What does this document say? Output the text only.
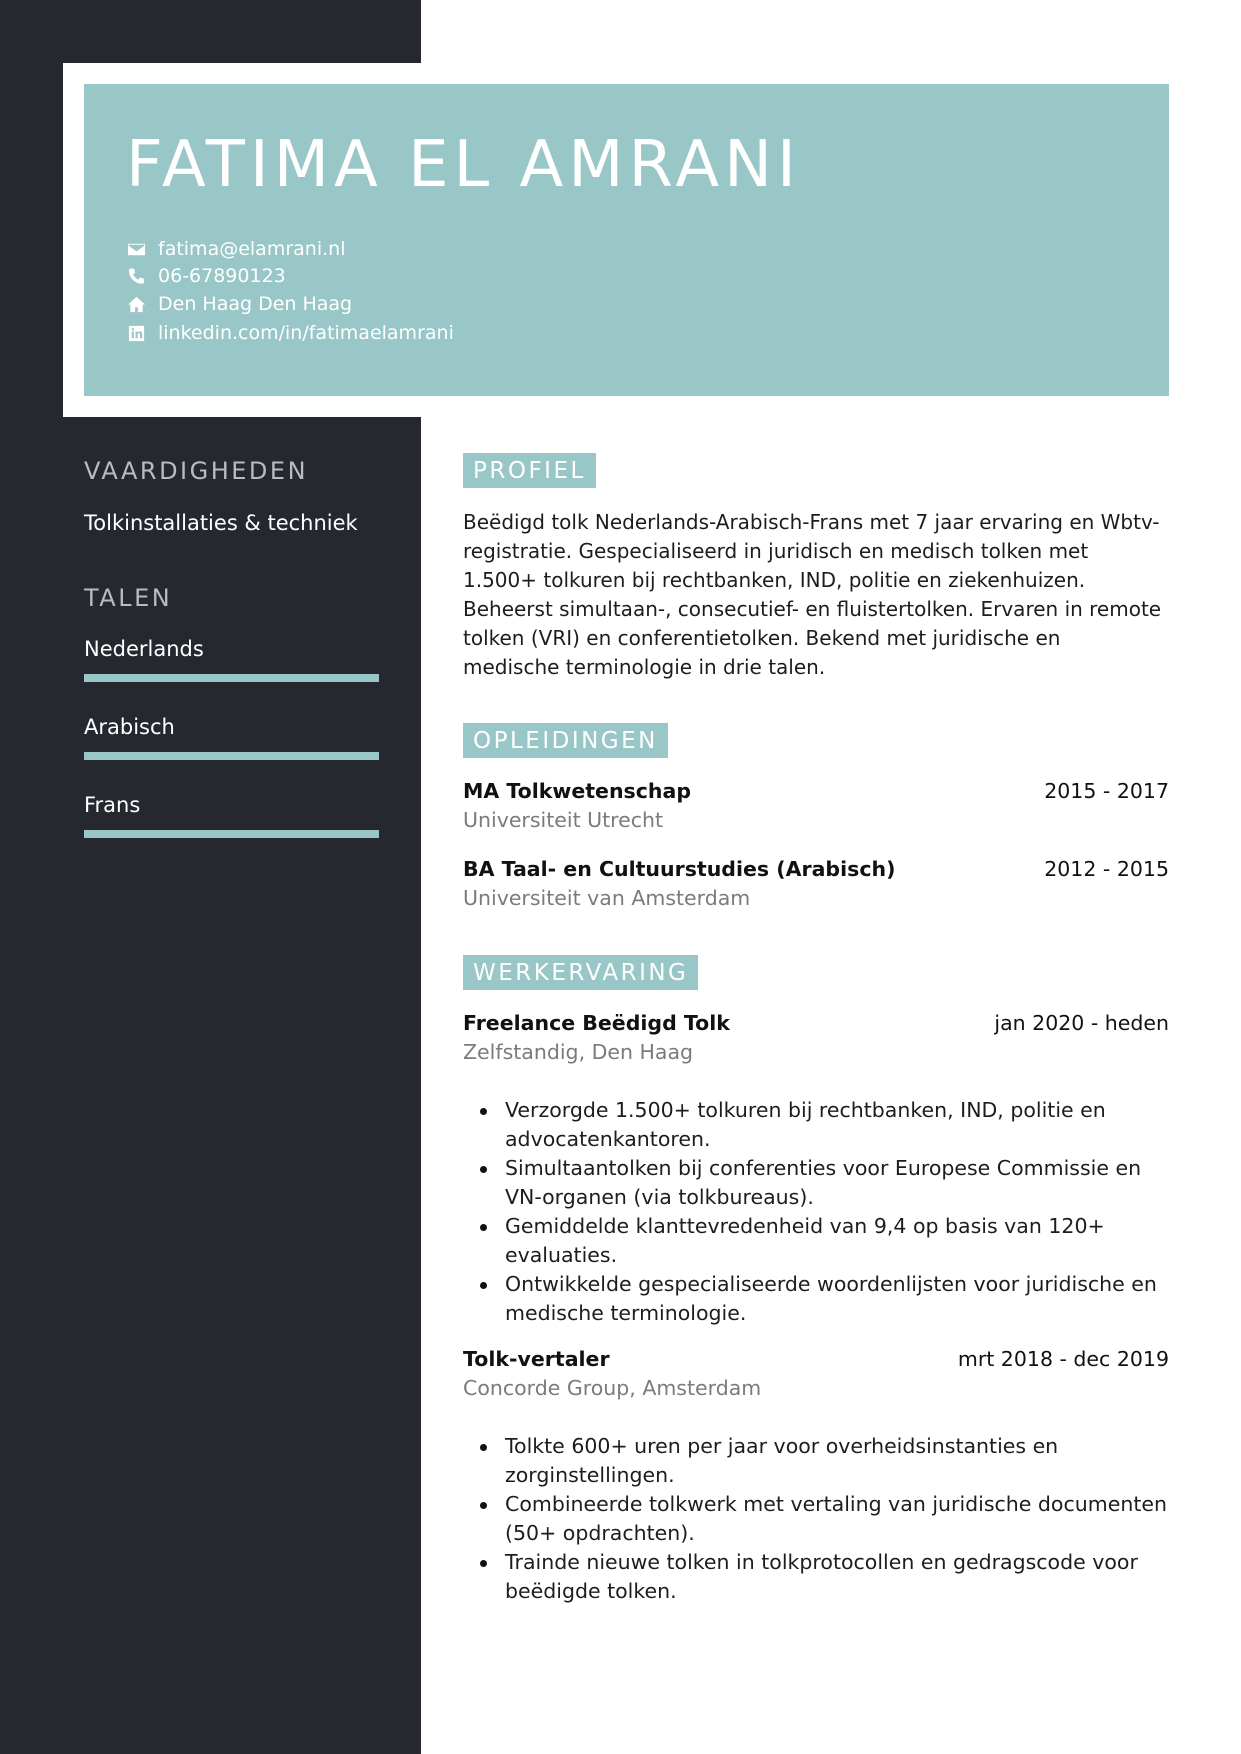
FATIMA EL AMRANI
fatima@elamrani.nl
06-67890123
Den Haag Den Haag
linkedin.com/in/fatimaelamrani
VAARDIGHEDEN
Tolkinstallaties & techniek
TALEN
Nederlands
Arabisch
Frans
PROFIEL

Beëdigd tolk Nederlands-Arabisch-Frans met 7 jaar ervaring en Wbtv-registratie. Gespecialiseerd in juridisch en medisch tolken met 1.500+ tolkuren bij rechtbanken, IND, politie en ziekenhuizen. Beheerst simultaan-, consecutief- en fluistertolken. Ervaren in remote tolken (VRI) en conferentietolken. Bekend met juridische en medische terminologie in drie talen.

OPLEIDINGEN
MA Tolkwetenschap	2015 - 2017
Universiteit Utrecht
BA Taal- en Cultuurstudies (Arabisch)	2012 - 2015
Universiteit van Amsterdam
WERKERVARING
Freelance Beëdigd Tolk	jan 2020 - heden
Zelfstandig, Den Haag
Verzorgde 1.500+ tolkuren bij rechtbanken, IND, politie en advocatenkantoren.
Simultaantolken bij conferenties voor Europese Commissie en VN-organen (via tolkbureaus).
Gemiddelde klanttevredenheid van 9,4 op basis van 120+ evaluaties.
Ontwikkelde gespecialiseerde woordenlijsten voor juridische en medische terminologie.
Tolk-vertaler	mrt 2018 - dec 2019
Concorde Group, Amsterdam
Tolkte 600+ uren per jaar voor overheidsinstanties en zorginstellingen.
Combineerde tolkwerk met vertaling van juridische documenten (50+ opdrachten).
Trainde nieuwe tolken in tolkprotocollen en gedragscode voor beëdigde tolken.
